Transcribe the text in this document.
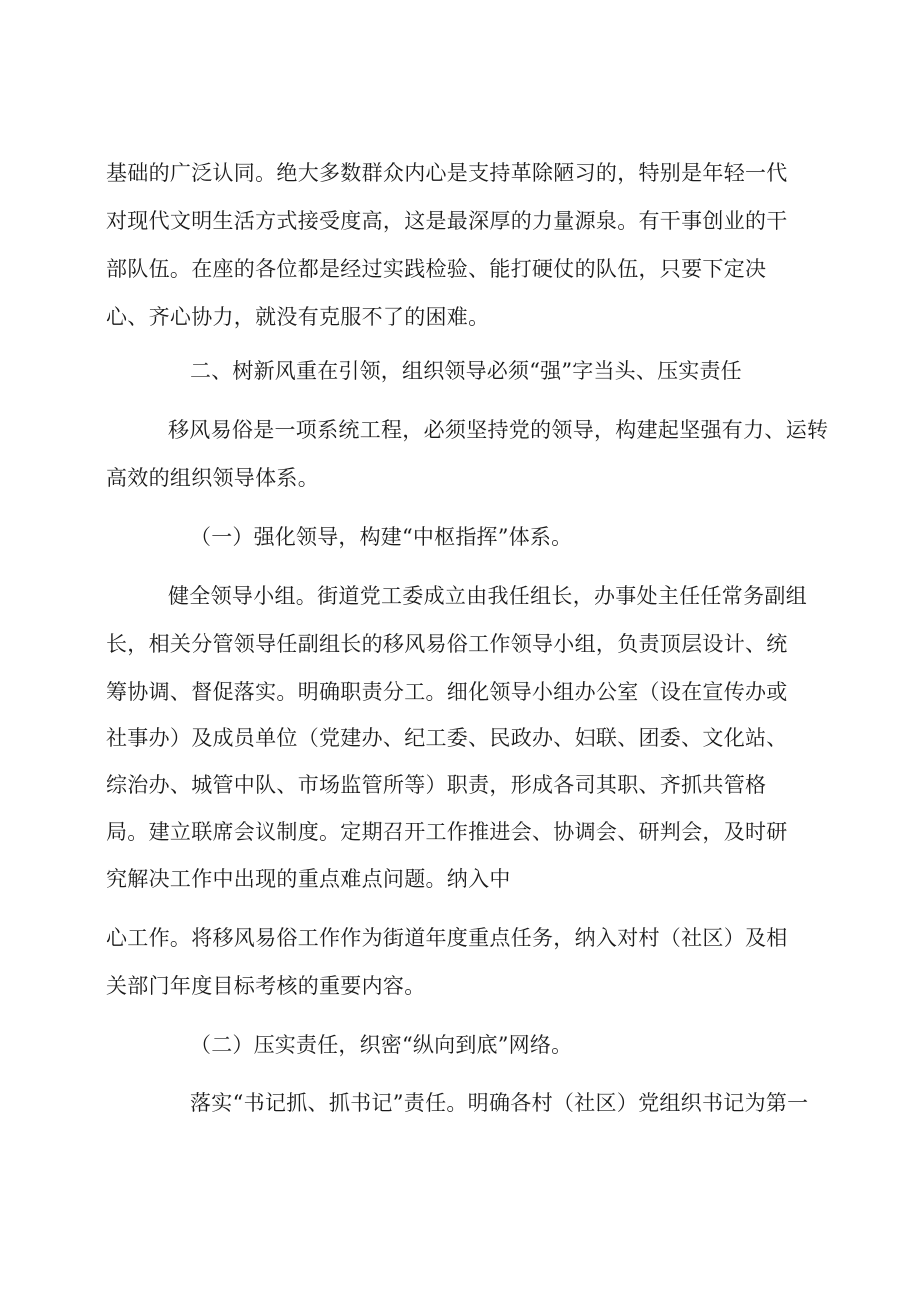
基础的广泛认同。绝大多数群众内心是支持革除陋习的，特别是年轻一代
对现代文明生活方式接受度高，这是最深厚的力量源泉。有干事创业的干
部队伍。在座的各位都是经过实践检验、能打硬仗的队伍，只要下定决
心、齐心协力，就没有克服不了的困难。
二、树新风重在引领，组织领导必须“强”字当头、压实责任
移风易俗是一项系统工程，必须坚持党的领导，构建起坚强有力、运转
高效的组织领导体系。
（一）强化领导，构建“中枢指挥”体系。
健全领导小组。街道党工委成立由我任组长，办事处主任任常务副组
长，相关分管领导任副组长的移风易俗工作领导小组，负责顶层设计、统
筹协调、督促落实。明确职责分工。细化领导小组办公室（设在宣传办或
社事办）及成员单位（党建办、纪工委、民政办、妇联、团委、文化站、
综治办、城管中队、市场监管所等）职责，形成各司其职、齐抓共管格
局。建立联席会议制度。定期召开工作推进会、协调会、研判会，及时研
究解决工作中出现的重点难点问题。纳入中
心工作。将移风易俗工作作为街道年度重点任务，纳入对村（社区）及相
关部门年度目标考核的重要内容。
（二）压实责任，织密“纵向到底”网络。
落实“书记抓、抓书记”责任。明确各村（社区）党组织书记为第一
